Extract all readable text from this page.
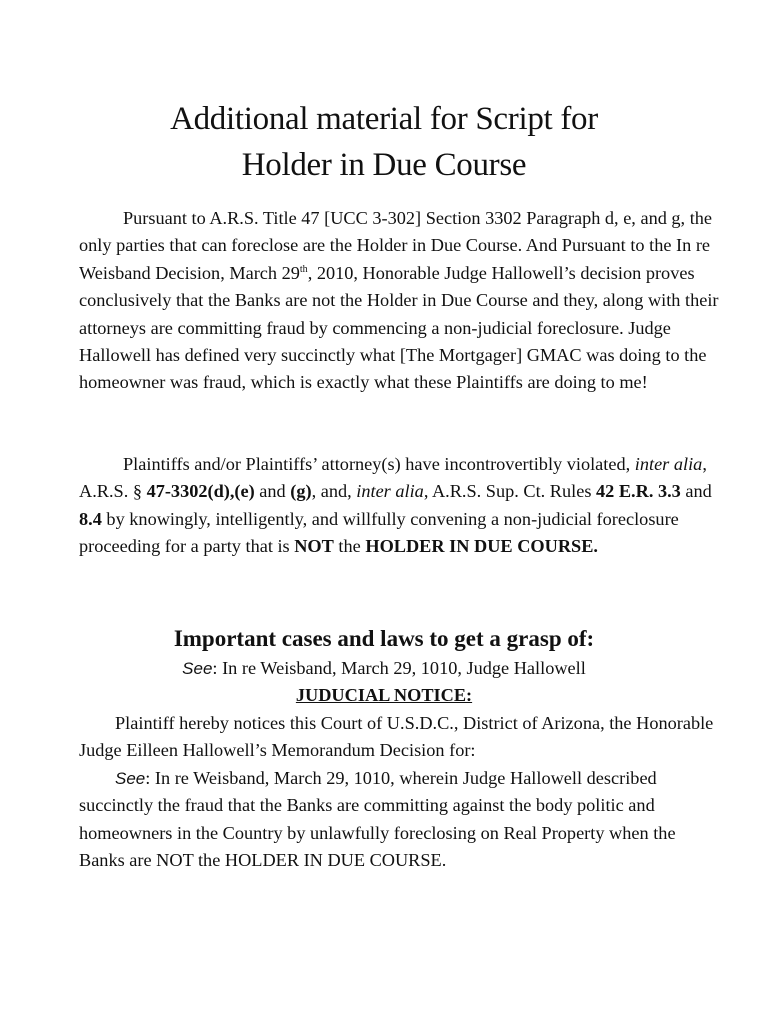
Additional material for Script for
Holder in Due Course

Pursuant to A.R.S. Title 47 [UCC 3-302] Section 3302 Paragraph d, e, and g, the only parties that can foreclose are the Holder in Due Course. And Pursuant to the In re Weisband Decision, March 29th, 2010, Honorable Judge Hallowell’s decision proves conclusively that the Banks are not the Holder in Due Course and they, along with their attorneys are committing fraud by commencing a non-judicial foreclosure. Judge Hallowell has defined very succinctly what [The Mortgager] GMAC was doing to the homeowner was fraud, which is exactly what these Plaintiffs are doing to me!

Plaintiffs and/or Plaintiffs’ attorney(s) have incontrovertibly violated, inter alia, A.R.S. § 47-3302(d),(e) and (g), and, inter alia, A.R.S. Sup. Ct. Rules 42 E.R. 3.3 and 8.4 by knowingly, intelligently, and willfully convening a non-judicial foreclosure proceeding for a party that is NOT the HOLDER IN DUE COURSE.

Important cases and laws to get a grasp of:

See: In re Weisband, March 29, 1010, Judge Hallowell

JUDUCIAL NOTICE:

Plaintiff hereby notices this Court of U.S.D.C., District of Arizona, the Honorable Judge Eilleen Hallowell’s Memorandum Decision for:

See: In re Weisband, March 29, 1010, wherein Judge Hallowell described succinctly the fraud that the Banks are committing against the body politic and homeowners in the Country by unlawfully foreclosing on Real Property when the Banks are NOT the HOLDER IN DUE COURSE.
